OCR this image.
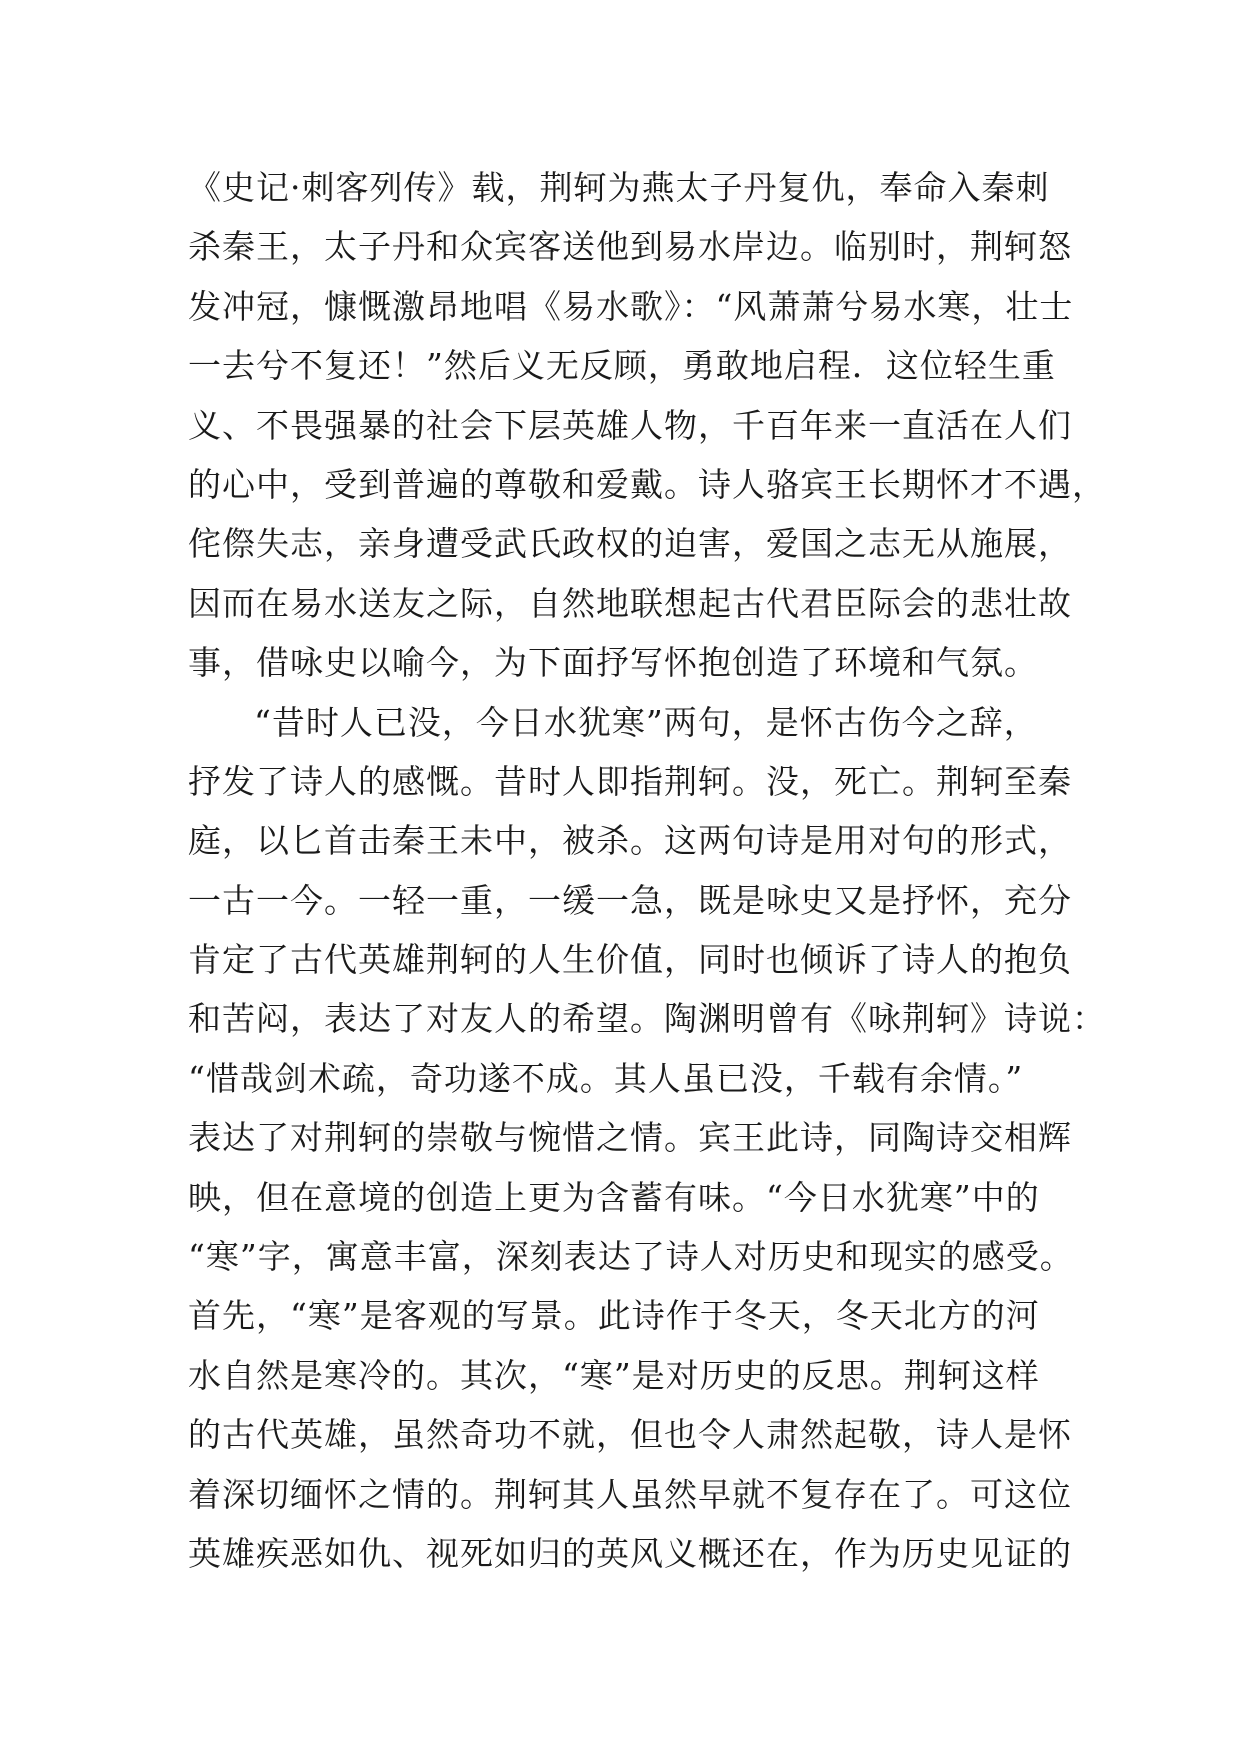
《史记·刺客列传》载，荆轲为燕太子丹复仇，奉命入秦刺
杀秦王，太子丹和众宾客送他到易水岸边。临别时，荆轲怒
发冲冠，慷慨激昂地唱《易水歌》：“风萧萧兮易水寒，壮士
一去兮不复还！”然后义无反顾，勇敢地启程．这位轻生重
义、不畏强暴的社会下层英雄人物，千百年来一直活在人们
的心中，受到普遍的尊敬和爱戴。诗人骆宾王长期怀才不遇，
侘傺失志，亲身遭受武氏政权的迫害，爱国之志无从施展，
因而在易水送友之际，自然地联想起古代君臣际会的悲壮故
事，借咏史以喻今，为下面抒写怀抱创造了环境和气氛。
“昔时人已没，今日水犹寒”两句，是怀古伤今之辞，
抒发了诗人的感慨。昔时人即指荆轲。没，死亡。荆轲至秦
庭，以匕首击秦王未中，被杀。这两句诗是用对句的形式，
一古一今。一轻一重，一缓一急，既是咏史又是抒怀，充分
肯定了古代英雄荆轲的人生价值，同时也倾诉了诗人的抱负
和苦闷，表达了对友人的希望。陶渊明曾有《咏荆轲》诗说：
“惜哉剑术疏，奇功遂不成。其人虽已没，千载有余情。”
表达了对荆轲的崇敬与惋惜之情。宾王此诗，同陶诗交相辉
映，但在意境的创造上更为含蓄有味。“今日水犹寒”中的
“寒”字，寓意丰富，深刻表达了诗人对历史和现实的感受。
首先，“寒”是客观的写景。此诗作于冬天，冬天北方的河
水自然是寒冷的。其次，“寒”是对历史的反思。荆轲这样
的古代英雄，虽然奇功不就，但也令人肃然起敬，诗人是怀
着深切缅怀之情的。荆轲其人虽然早就不复存在了。可这位
英雄疾恶如仇、视死如归的英风义概还在，作为历史见证的
